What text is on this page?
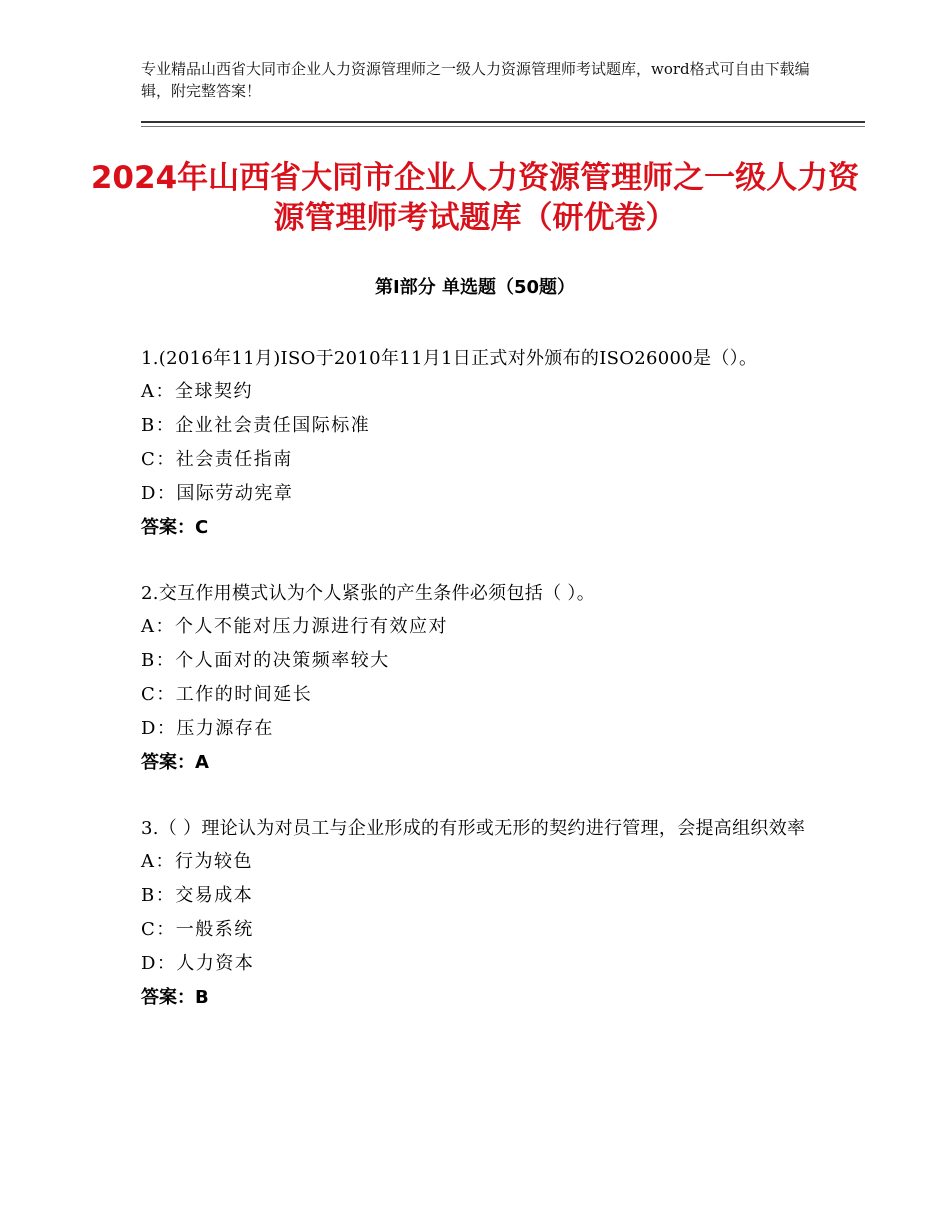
专业精品山西省大同市企业人力资源管理师之一级人力资源管理师考试题库，word格式可自由下载编辑，附完整答案！
2024年山西省大同市企业人力资源管理师之一级人力资源管理师考试题库（研优卷）
第Ⅰ部分 单选题（50题）

1.(2016年11月)ISO于2010年11月1日正式对外颁布的ISO26000是（）。

A：全球契约

B：企业社会责任国际标准

C：社会责任指南

D：国际劳动宪章

答案：C

2.交互作用模式认为个人紧张的产生条件必须包括（ ）。

A：个人不能对压力源进行有效应对

B：个人面对的决策频率较大

C：工作的时间延长

D：压力源存在

答案：A

3.（ ）理论认为对员工与企业形成的有形或无形的契约进行管理，会提高组织效率

A：行为较色

B：交易成本

C：一般系统

D：人力资本

答案：B
